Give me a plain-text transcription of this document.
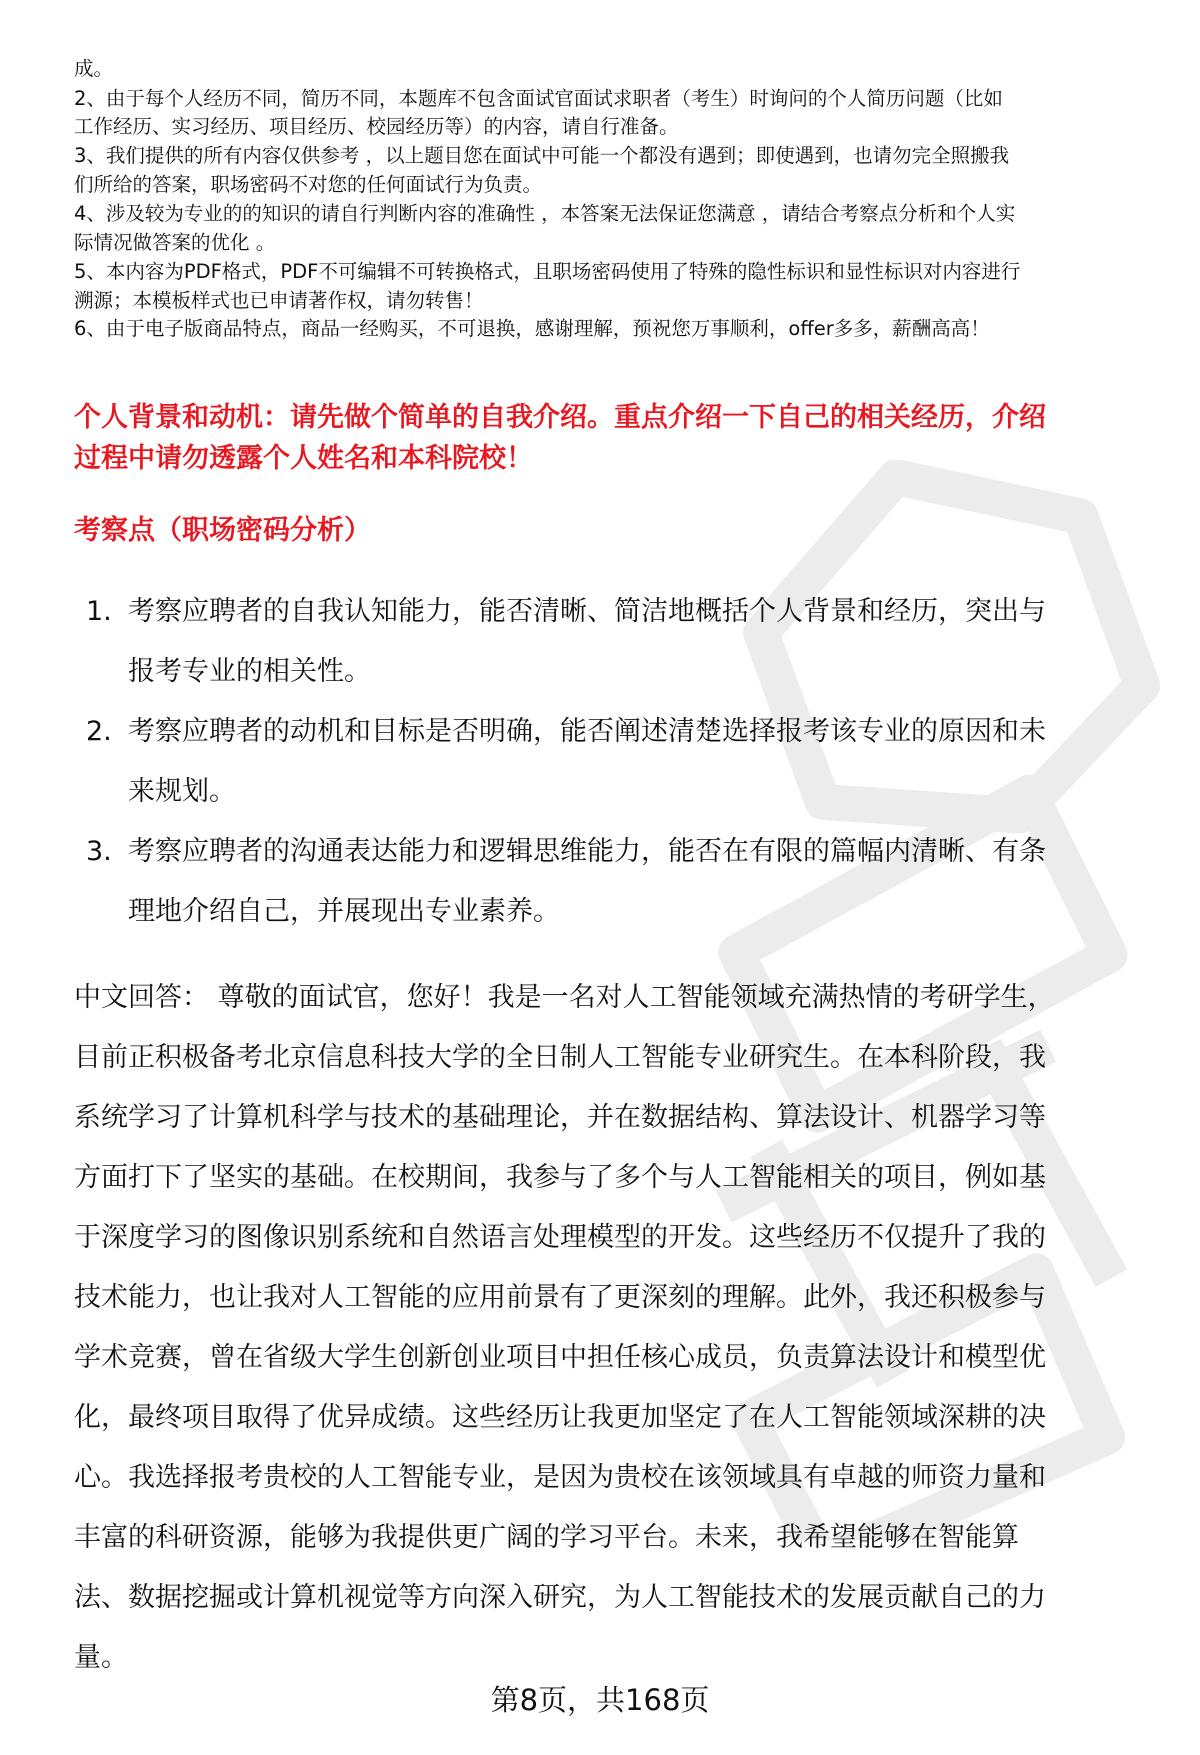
成。
2、由于每个人经历不同，简历不同，本题库不包含面试官面试求职者（考生）时询问的个人简历问题（比如
工作经历、实习经历、项目经历、校园经历等）的内容，请自行准备。
3、我们提供的所有内容仅供参考 ，以上题目您在面试中可能一个都没有遇到；即使遇到，也请勿完全照搬我
们所给的答案，职场密码不对您的任何面试行为负责。
4、涉及较为专业的的知识的请自行判断内容的准确性 ，本答案无法保证您满意 ，请结合考察点分析和个人实
际情况做答案的优化 。
5、本内容为PDF格式，PDF不可编辑不可转换格式，且职场密码使用了特殊的隐性标识和显性标识对内容进行
溯源；本模板样式也已申请著作权，请勿转售！
6、由于电子版商品特点，商品一经购买，不可退换，感谢理解，预祝您万事顺利，offer多多，薪酬高高！
个人背景和动机：请先做个简单的自我介绍。重点介绍一下自己的相关经历，介绍
过程中请勿透露个人姓名和本科院校！
考察点（职场密码分析）
1. 考察应聘者的自我认知能力，能否清晰、简洁地概括个人背景和经历，突出与
报考专业的相关性。
2. 考察应聘者的动机和目标是否明确，能否阐述清楚选择报考该专业的原因和未
来规划。
3. 考察应聘者的沟通表达能力和逻辑思维能力，能否在有限的篇幅内清晰、有条
理地介绍自己，并展现出专业素养。
中文回答： 尊敬的面试官，您好！我是一名对人工智能领域充满热情的考研学生，
目前正积极备考北京信息科技大学的全日制人工智能专业研究生。在本科阶段，我
系统学习了计算机科学与技术的基础理论，并在数据结构、算法设计、机器学习等
方面打下了坚实的基础。在校期间，我参与了多个与人工智能相关的项目，例如基
于深度学习的图像识别系统和自然语言处理模型的开发。这些经历不仅提升了我的
技术能力，也让我对人工智能的应用前景有了更深刻的理解。此外，我还积极参与
学术竞赛，曾在省级大学生创新创业项目中担任核心成员，负责算法设计和模型优
化，最终项目取得了优异成绩。这些经历让我更加坚定了在人工智能领域深耕的决
心。我选择报考贵校的人工智能专业，是因为贵校在该领域具有卓越的师资力量和
丰富的科研资源，能够为我提供更广阔的学习平台。未来，我希望能够在智能算
法、数据挖掘或计算机视觉等方向深入研究，为人工智能技术的发展贡献自己的力
量。
第8页，共168页
